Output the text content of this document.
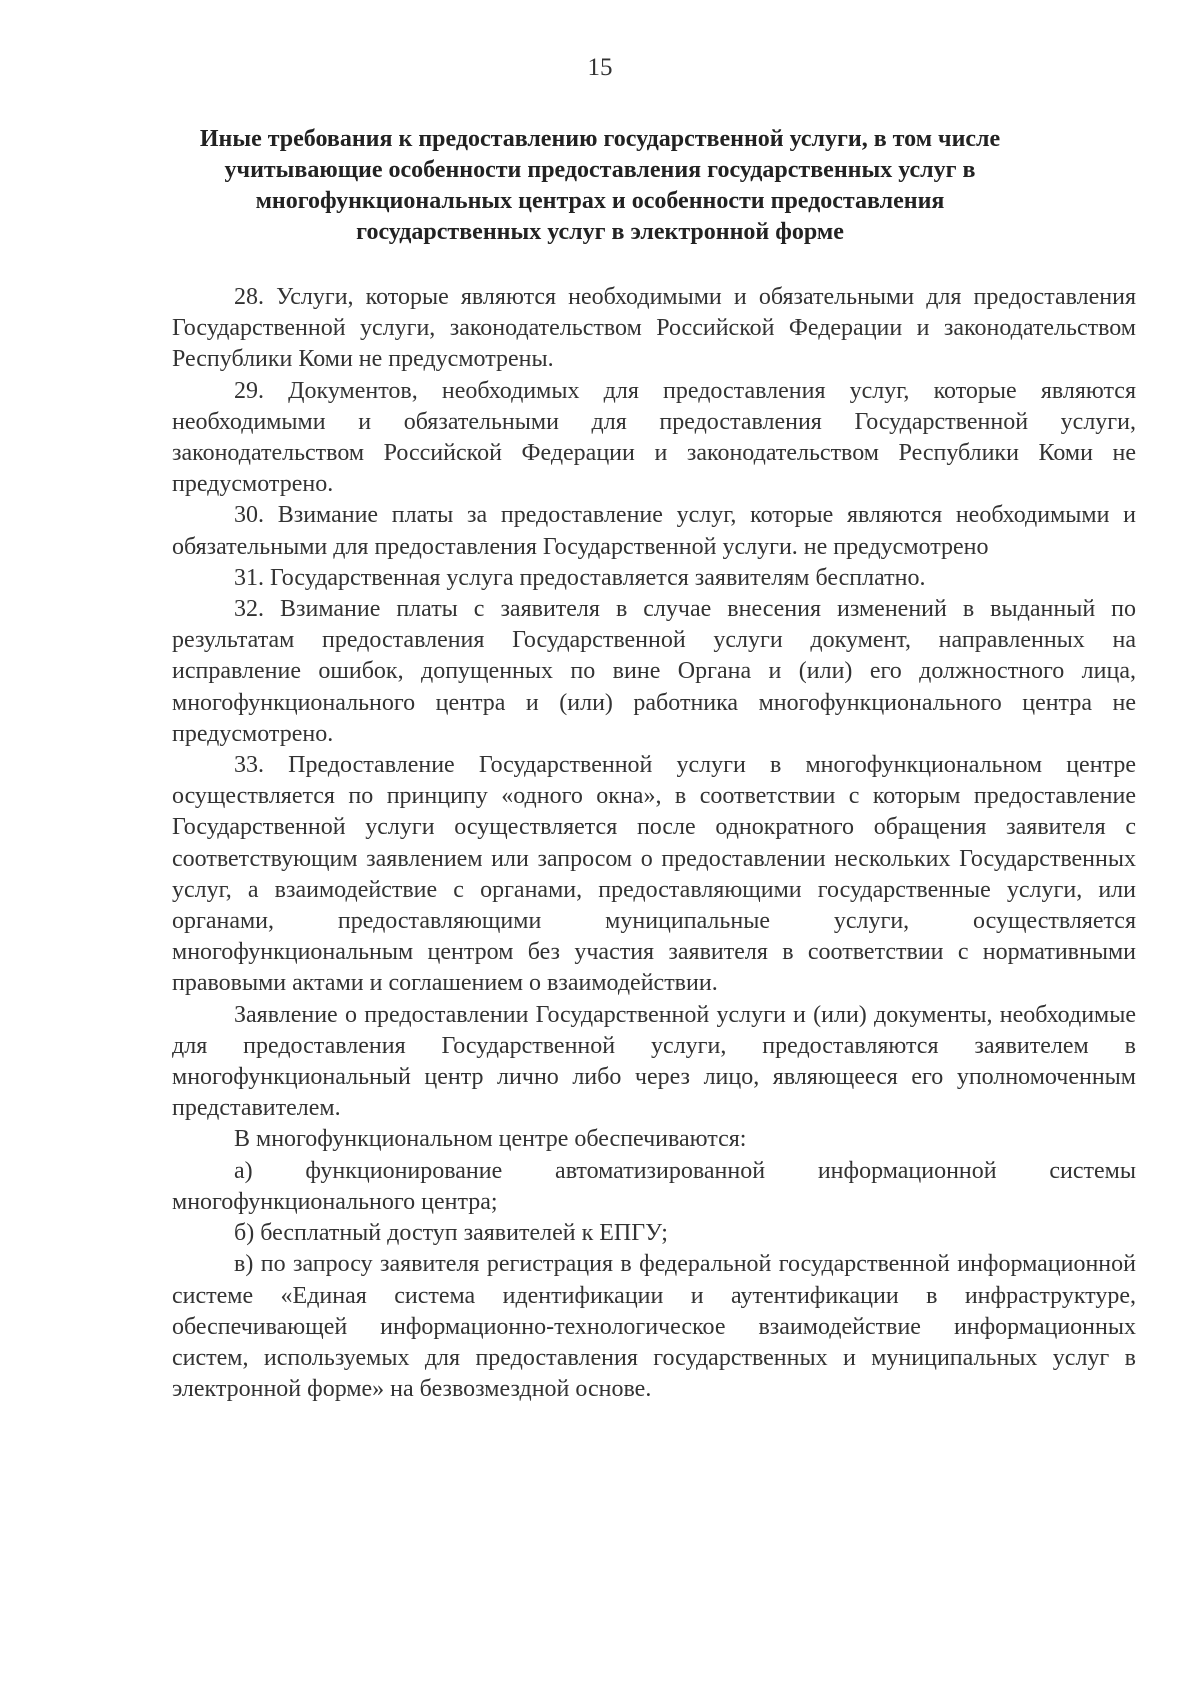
15
Иные требования к предоставлению государственной услуги, в том числе
учитывающие особенности предоставления государственных услуг в
многофункциональных центрах и особенности предоставления
государственных услуг в электронной форме

28. Услуги, которые являются необходимыми и обязательными для предоставления Государственной услуги, законодательством Российской Федерации и законодательством Республики Коми не предусмотрены.

29. Документов, необходимых для предоставления услуг, которые являются необходимыми и обязательными для предоставления Государственной услуги, законодательством Российской Федерации и законодательством Республики Коми не предусмотрено.

30. Взимание платы за предоставление услуг, которые являются необходимыми и обязательными для предоставления Государственной услуги. не предусмотрено

31. Государственная услуга предоставляется заявителям бесплатно.

32. Взимание платы с заявителя в случае внесения изменений в выданный по результатам предоставления Государственной услуги документ, направленных на исправление ошибок, допущенных по вине Органа и (или) его должностного лица, многофункционального центра и (или) работника многофункционального центра не предусмотрено.

33. Предоставление Государственной услуги в многофункциональном центре осуществляется по принципу «одного окна», в соответствии с которым предоставление Государственной услуги осуществляется после однократного обращения заявителя с соответствующим заявлением или запросом о предоставлении нескольких Государственных услуг, а взаимодействие с органами, предоставляющими государственные услуги, или органами, предоставляющими муниципальные услуги, осуществляется многофункциональным центром без участия заявителя в соответствии с нормативными правовыми актами и соглашением о взаимодействии.

Заявление о предоставлении Государственной услуги и (или) документы, необходимые для предоставления Государственной услуги, предоставляются заявителем в многофункциональный центр лично либо через лицо, являющееся его уполномоченным представителем.

В многофункциональном центре обеспечиваются:

а) функционирование автоматизированной информационной системы многофункционального центра;

б) бесплатный доступ заявителей к ЕПГУ;

в) по запросу заявителя регистрация в федеральной государственной информационной системе «Единая система идентификации и аутентификации в инфраструктуре, обеспечивающей информационно-технологическое взаимодействие информационных систем, используемых для предоставления государственных и муниципальных услуг в электронной форме» на безвозмездной основе.
